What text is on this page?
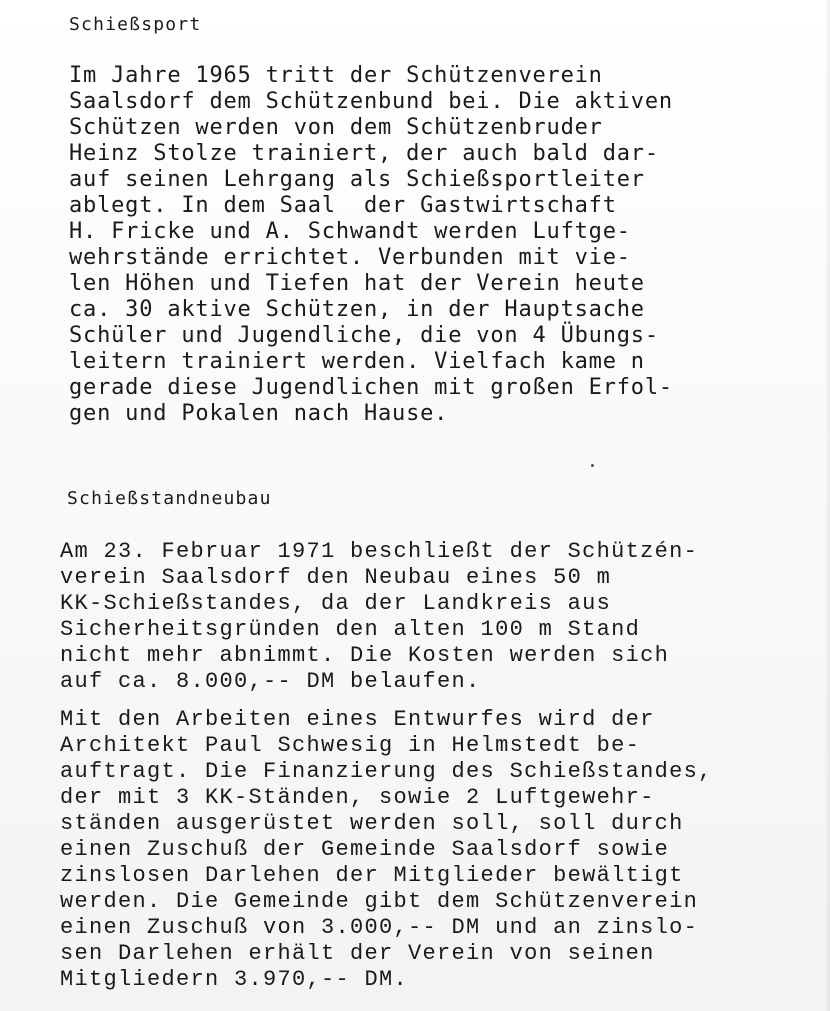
Schießsport
Im Jahre 1965 tritt der Schützenverein
Saalsdorf dem Schützenbund bei. Die aktiven
Schützen werden von dem Schützenbruder
Heinz Stolze trainiert, der auch bald dar-
auf seinen Lehrgang als Schießsportleiter
ablegt. In dem Saal  der Gastwirtschaft
H. Fricke und A. Schwandt werden Luftge-
wehrstände errichtet. Verbunden mit vie-
len Höhen und Tiefen hat der Verein heute
ca. 30 aktive Schützen, in der Hauptsache
Schüler und Jugendliche, die von 4 Übungs-
leitern trainiert werden. Vielfach kame n
gerade diese Jugendlichen mit großen Erfol-
gen und Pokalen nach Hause.
Schießstandneubau
Am 23. Februar 1971 beschließt der Schützén-
verein Saalsdorf den Neubau eines 50 m
KK-Schießstandes, da der Landkreis aus
Sicherheitsgründen den alten 100 m Stand
nicht mehr abnimmt. Die Kosten werden sich
auf ca. 8.000,-- DM belaufen.
Mit den Arbeiten eines Entwurfes wird der
Architekt Paul Schwesig in Helmstedt be-
auftragt. Die Finanzierung des Schießstandes,
der mit 3 KK-Ständen, sowie 2 Luftgewehr-
ständen ausgerüstet werden soll, soll durch
einen Zuschuß der Gemeinde Saalsdorf sowie
zinslosen Darlehen der Mitglieder bewältigt
werden. Die Gemeinde gibt dem Schützenverein
einen Zuschuß von 3.000,-- DM und an zinslo-
sen Darlehen erhält der Verein von seinen
Mitgliedern 3.970,-- DM.
